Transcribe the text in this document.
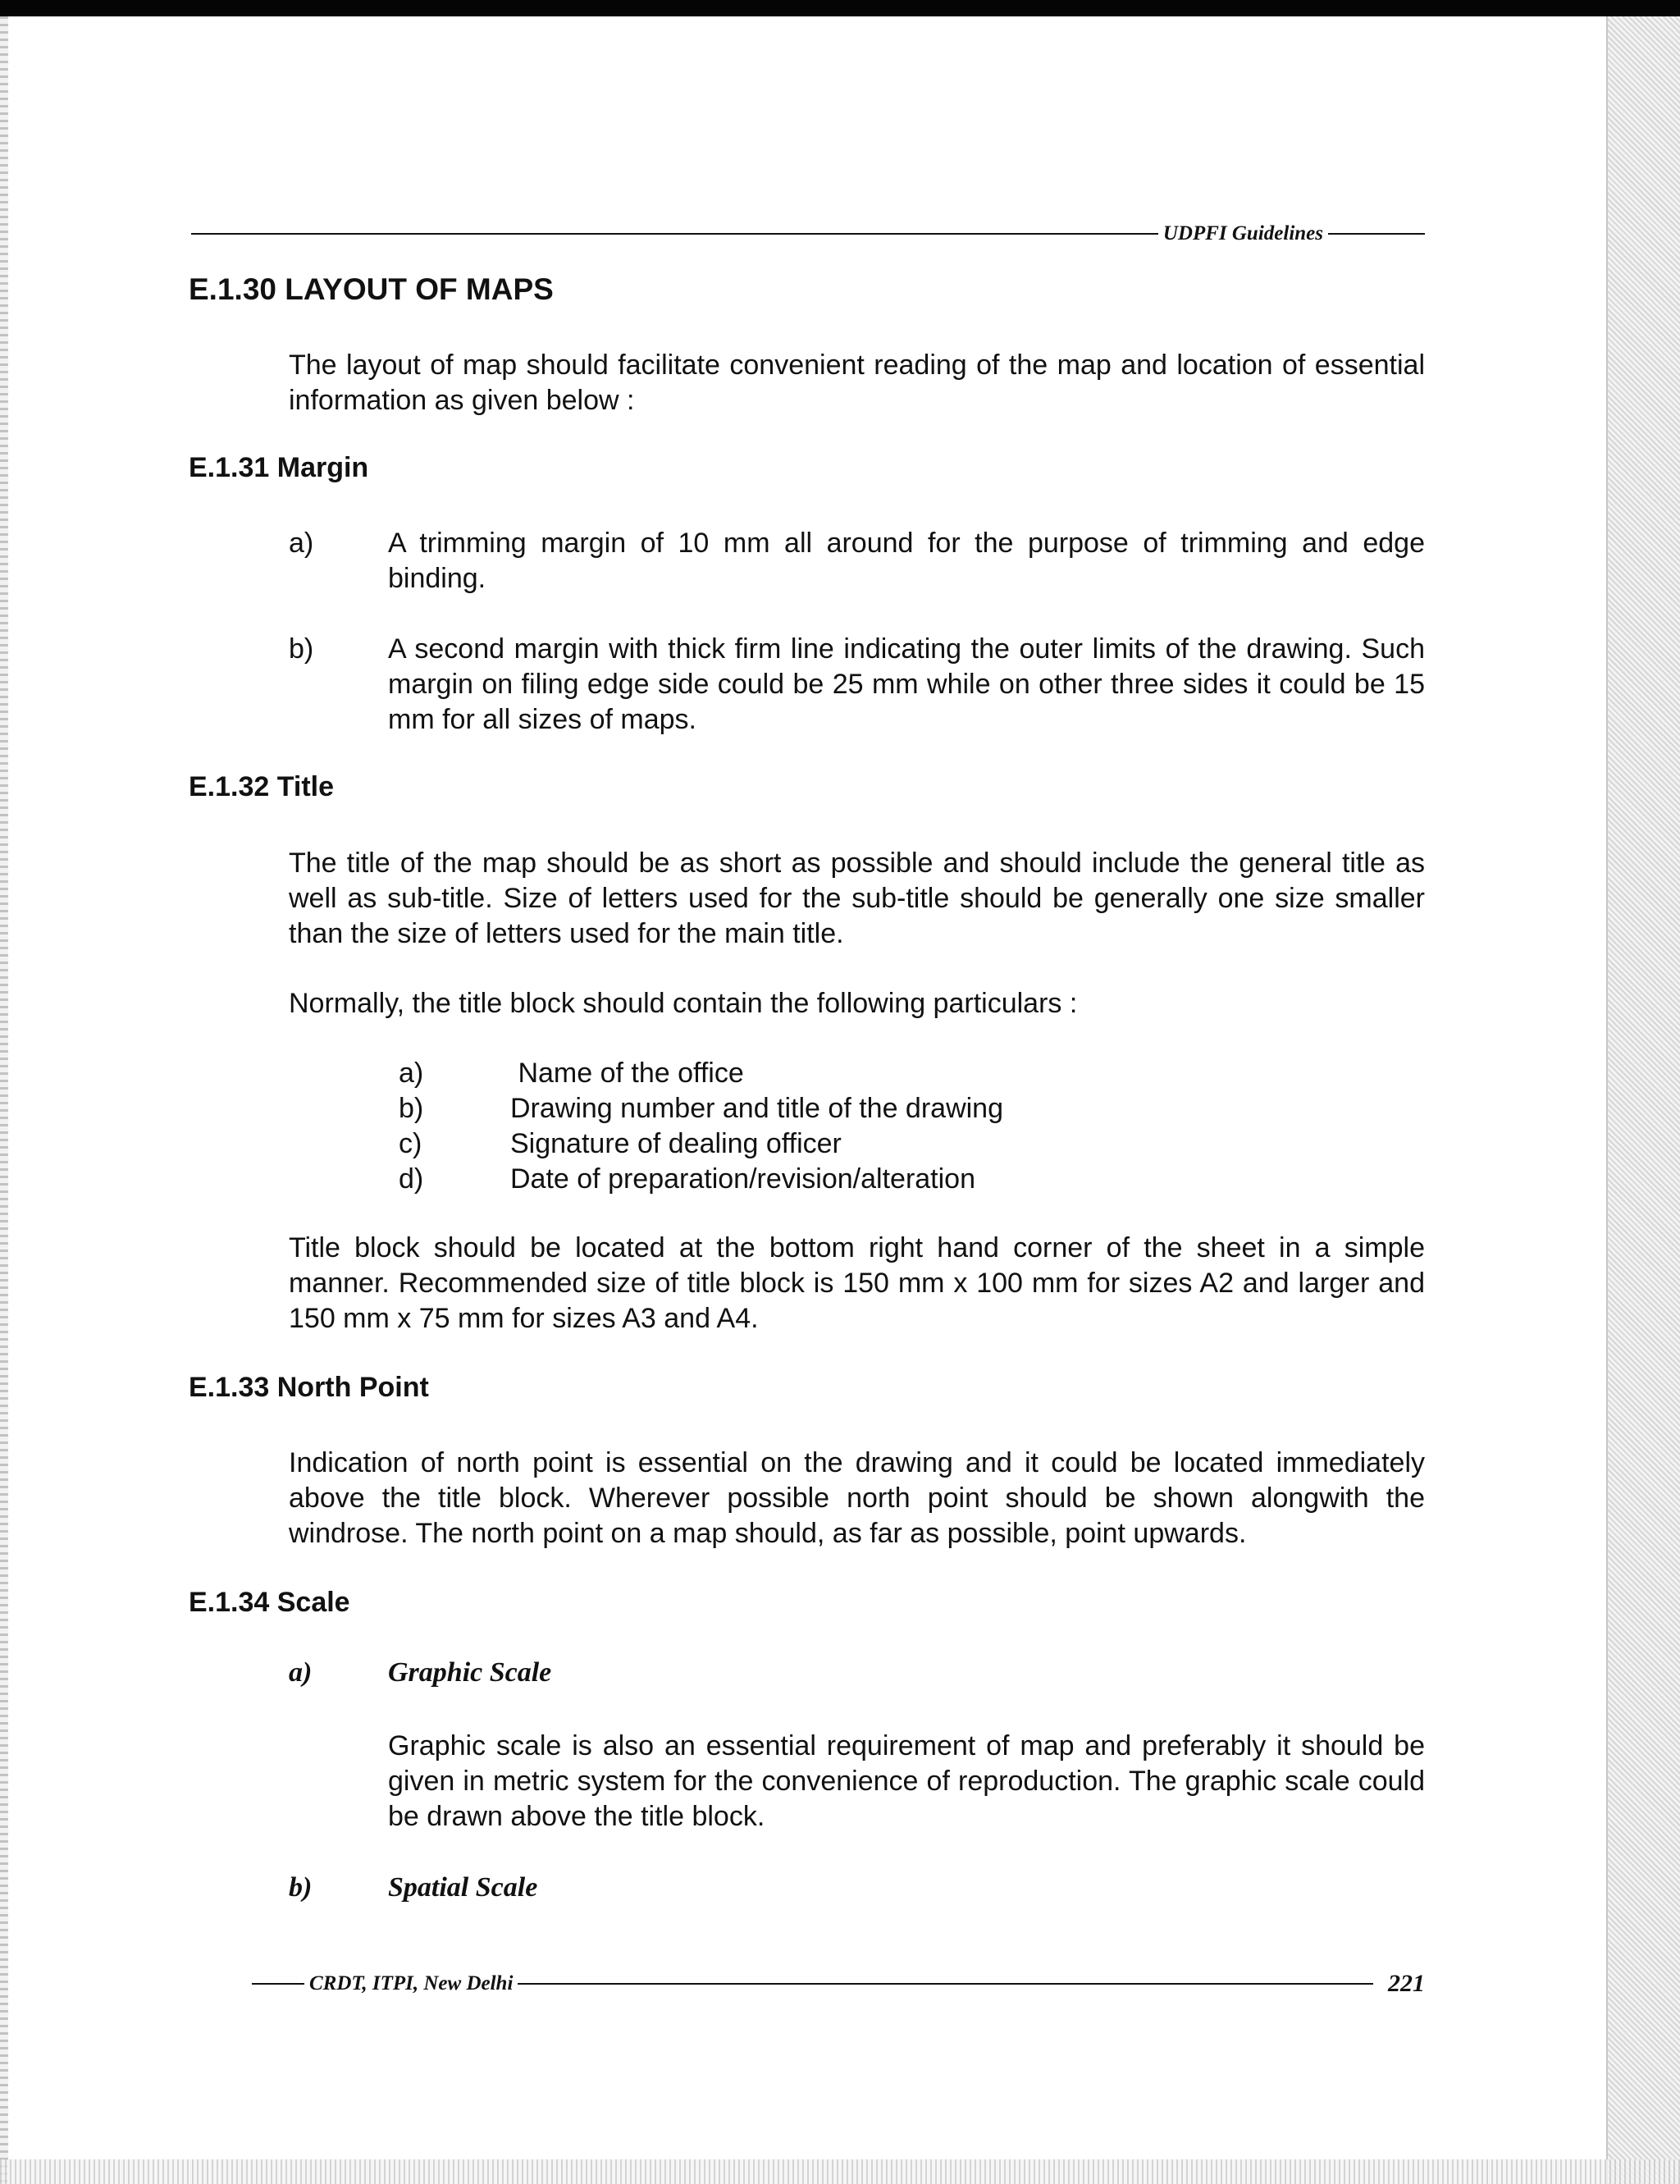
UDPFI Guidelines
E.1.30 LAYOUT OF MAPS

The layout of map should facilitate convenient reading of the map and location of essential information as given below :

E.1.31 Margin
a)	A trimming margin of 10 mm all around for the purpose of trimming and edge binding.
b)	A second margin with thick firm line indicating the outer limits of the drawing. Such margin on filing edge side could be 25 mm while on other three sides it could be 15 mm for all sizes of maps.
E.1.32 Title

The title of the map should be as short as possible and should include the general title as well as sub-title. Size of letters used for the sub-title should be generally one size smaller than the size of letters used for the main title.

Normally, the title block should contain the following particulars :

a)	Name of the office
b)	Drawing number and title of the drawing
c)	Signature of dealing officer
d)	Date of preparation/revision/alteration

Title block should be located at the bottom right hand corner of the sheet in a simple manner. Recommended size of title block is 150 mm x 100 mm for sizes A2 and larger and 150 mm x 75 mm for sizes A3 and A4.

E.1.33 North Point

Indication of north point is essential on the drawing and it could be located immediately above the title block. Wherever possible north point should be shown alongwith the windrose. The north point on a map should, as far as possible, point upwards.

E.1.34 Scale
a)	Graphic Scale

Graphic scale is also an essential requirement of map and preferably it should be given in metric system for the convenience of reproduction. The graphic scale could be drawn above the title block.

b)	Spatial Scale
CRDT, ITPI, New Delhi	221
